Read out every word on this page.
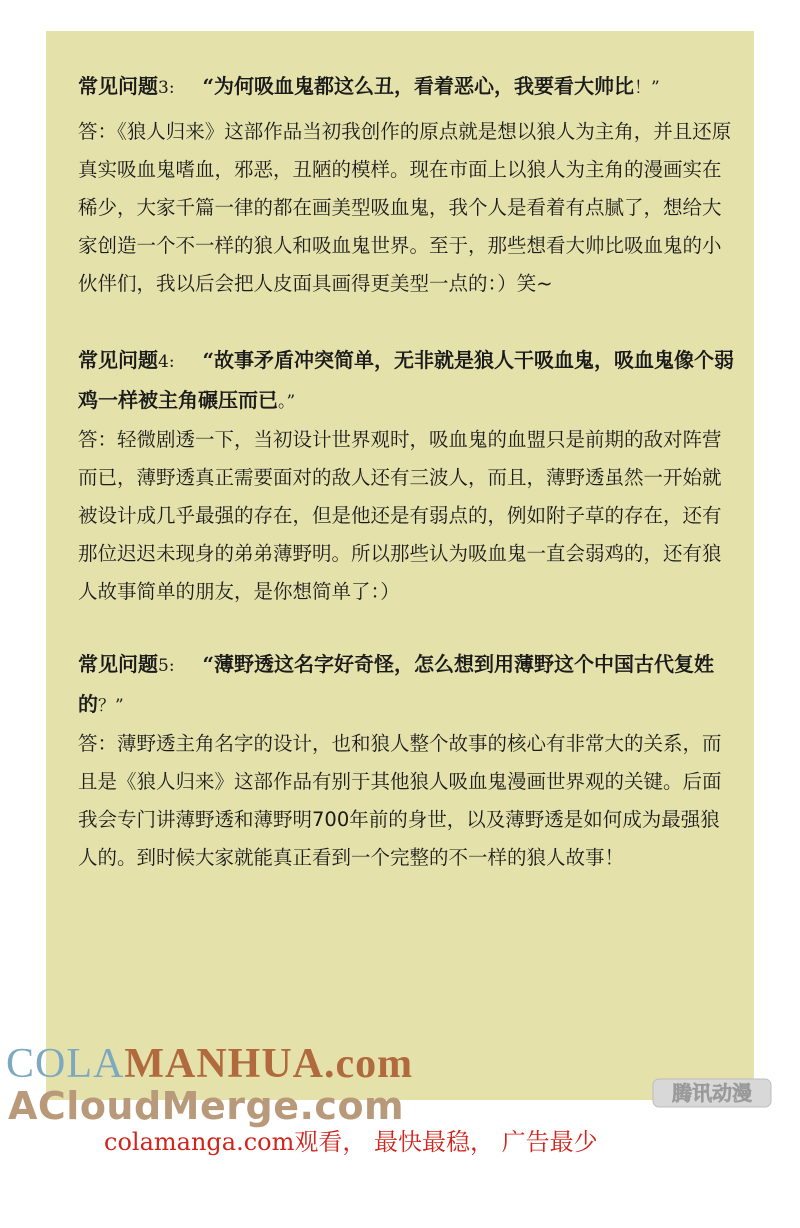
常见问题3: “为何吸血鬼都这么丑，看着恶心，我要看大帅比！”

答：《狼人归来》这部作品当初我创作的原点就是想以狼人为主角，并且还原真实吸血鬼嗜血，邪恶，丑陋的模样。现在市面上以狼人为主角的漫画实在稀少，大家千篇一律的都在画美型吸血鬼，我个人是看着有点腻了，想给大家创造一个不一样的狼人和吸血鬼世界。至于，那些想看大帅比吸血鬼的小伙伴们，我以后会把人皮面具画得更美型一点的：）笑~

常见问题4: “故事矛盾冲突简单，无非就是狼人干吸血鬼，吸血鬼像个弱鸡一样被主角碾压而已。”

答：轻微剧透一下，当初设计世界观时，吸血鬼的血盟只是前期的敌对阵营而已，薄野透真正需要面对的敌人还有三波人，而且，薄野透虽然一开始就被设计成几乎最强的存在，但是他还是有弱点的，例如附子草的存在，还有那位迟迟未现身的弟弟薄野明。所以那些认为吸血鬼一直会弱鸡的，还有狼人故事简单的朋友，是你想简单了：）

常见问题5: “薄野透这名字好奇怪，怎么想到用薄野这个中国古代复姓的？”

答：薄野透主角名字的设计，也和狼人整个故事的核心有非常大的关系，而且是《狼人归来》这部作品有别于其他狼人吸血鬼漫画世界观的关键。后面我会专门讲薄野透和薄野明700年前的身世，以及薄野透是如何成为最强狼人的。到时候大家就能真正看到一个完整的不一样的狼人故事！

COLAMANHUA.com
ACloudMerge.com	腾讯动漫
colamanga.com观看， 最快最稳， 广告最少
